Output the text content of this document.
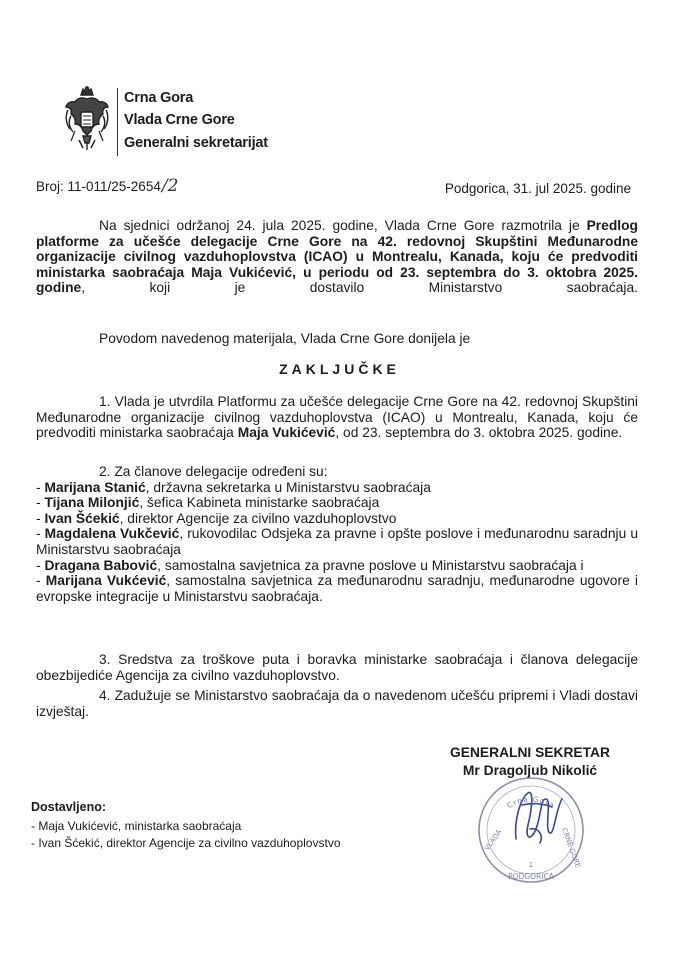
Crna Gora
Vlada Crne Gore
Generalni sekretarijat
Broj: 11-011/25-2654/2	Podgorica, 31. jul 2025. godine
Na sjednici održanoj 24. jula 2025. godine, Vlada Crne Gore razmotrila je Predlog platforme za učešće delegacije Crne Gore na 42. redovnoj Skupštini Međunarodne organizacije civilnog vazduhoplovstva (ICAO) u Montrealu, Kanada, koju će predvoditi ministarka saobraćaja Maja Vukićević, u periodu od 23. septembra do 3. oktobra 2025. godine, koji je dostavilo Ministarstvo saobraćaja.
Povodom navedenog materijala, Vlada Crne Gore donijela je
ZAKLJUČKE
1. Vlada je utvrdila Platformu za učešće delegacije Crne Gore na 42. redovnoj Skupštini Međunarodne organizacije civilnog vazduhoplovstva (ICAO) u Montrealu, Kanada, koju će predvoditi ministarka saobraćaja Maja Vukićević, od 23. septembra do 3. oktobra 2025. godine.
2. Za članove delegacije određeni su:
- Marijana Stanić, državna sekretarka u Ministarstvu saobraćaja
- Tijana Milonjić, šefica Kabineta ministarke saobraćaja
- Ivan Šćekić, direktor Agencije za civilno vazduhoplovstvo
- Magdalena Vukčević, rukovodilac Odsjeka za pravne i opšte poslove i međunarodnu saradnju u Ministarstvu saobraćaja
- Dragana Babović, samostalna savjetnica za pravne poslove u Ministarstvu saobraćaja i
- Marijana Vukćević, samostalna savjetnica za međunarodnu saradnju, međunarodne ugovore i evropske integracije u Ministarstvu saobraćaja.
3. Sredstva za troškove puta i boravka ministarke saobraćaja i članova delegacije obezbijediće Agencija za civilno vazduhoplovstvo.
4. Zadužuje se Ministarstvo saobraćaja da o navedenom učešću pripremi i Vladi dostavi izvještaj.
GENERALNI SEKRETAR
Mr Dragoljub Nikolić
Crna Gora
VLADA	CRNE GORE
1
PODGORICA
Dostavljeno:
- Maja Vukićević, ministarka saobraćaja
- Ivan Šćekić, direktor Agencije za civilno vazduhoplovstvo
